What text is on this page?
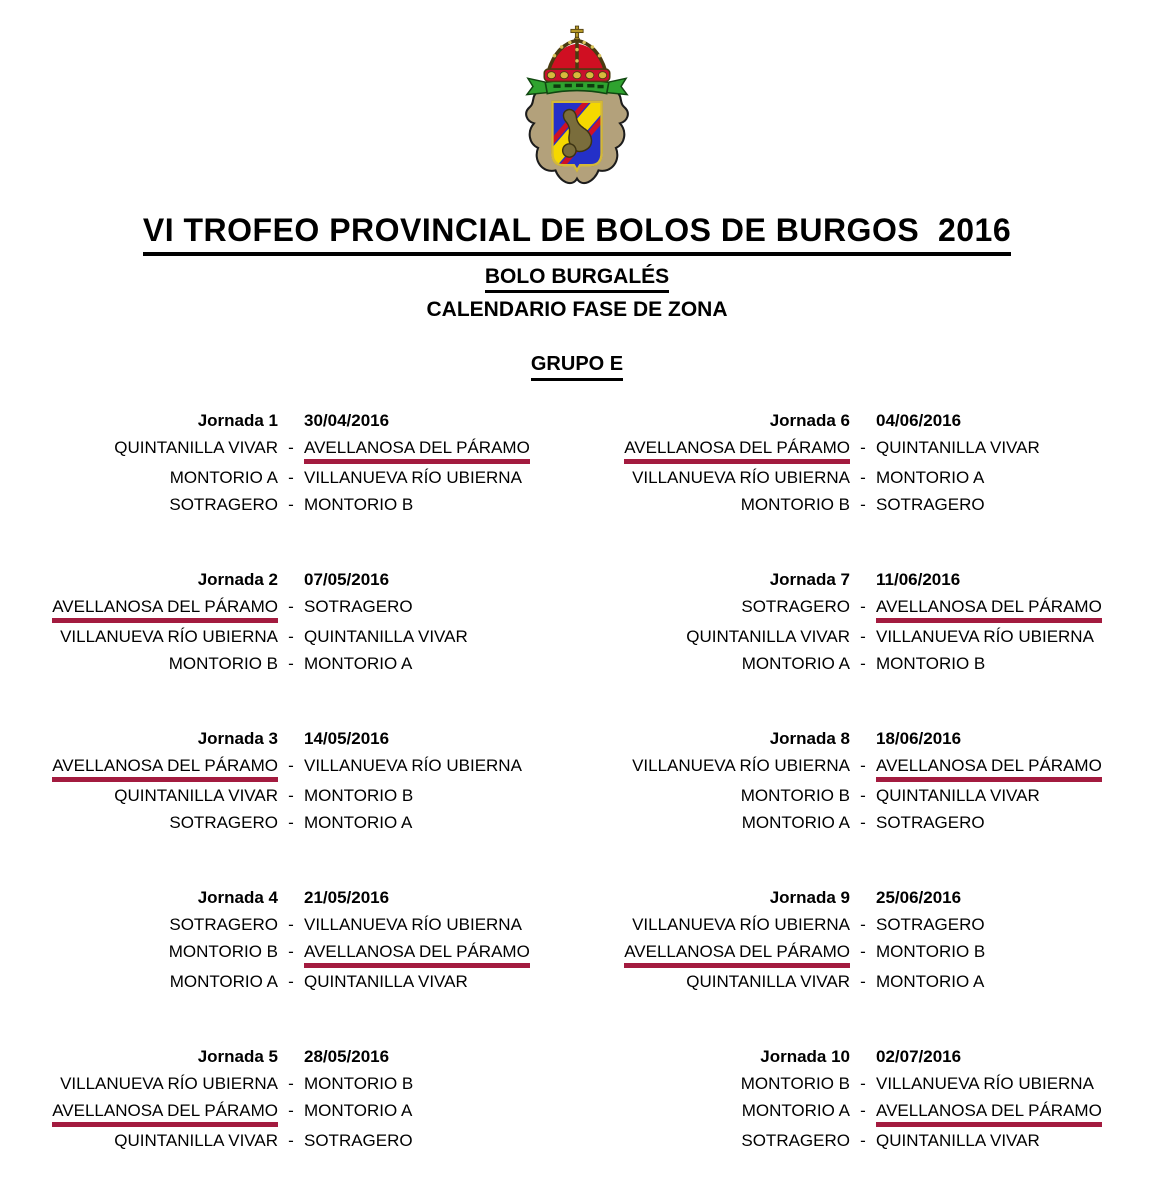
VI TROFEO PROVINCIAL DE BOLOS DE BURGOS  2016
BOLO BURGALÉS
CALENDARIO FASE DE ZONA
GRUPO E
Jornada 1 30/04/2016
QUINTANILLA VIVAR - AVELLANOSA DEL PÁRAMO
MONTORIO A - VILLANUEVA RÍO UBIERNA
SOTRAGERO - MONTORIO B
Jornada 6 04/06/2016
AVELLANOSA DEL PÁRAMO - QUINTANILLA VIVAR
VILLANUEVA RÍO UBIERNA - MONTORIO A
MONTORIO B - SOTRAGERO
Jornada 2 07/05/2016
AVELLANOSA DEL PÁRAMO - SOTRAGERO
VILLANUEVA RÍO UBIERNA - QUINTANILLA VIVAR
MONTORIO B - MONTORIO A
Jornada 7 11/06/2016
SOTRAGERO - AVELLANOSA DEL PÁRAMO
QUINTANILLA VIVAR - VILLANUEVA RÍO UBIERNA
MONTORIO A - MONTORIO B
Jornada 3 14/05/2016
AVELLANOSA DEL PÁRAMO - VILLANUEVA RÍO UBIERNA
QUINTANILLA VIVAR - MONTORIO B
SOTRAGERO - MONTORIO A
Jornada 8 18/06/2016
VILLANUEVA RÍO UBIERNA - AVELLANOSA DEL PÁRAMO
MONTORIO B - QUINTANILLA VIVAR
MONTORIO A - SOTRAGERO
Jornada 4 21/05/2016
SOTRAGERO - VILLANUEVA RÍO UBIERNA
MONTORIO B - AVELLANOSA DEL PÁRAMO
MONTORIO A - QUINTANILLA VIVAR
Jornada 9 25/06/2016
VILLANUEVA RÍO UBIERNA - SOTRAGERO
AVELLANOSA DEL PÁRAMO - MONTORIO B
QUINTANILLA VIVAR - MONTORIO A
Jornada 5 28/05/2016
VILLANUEVA RÍO UBIERNA - MONTORIO B
AVELLANOSA DEL PÁRAMO - MONTORIO A
QUINTANILLA VIVAR - SOTRAGERO
Jornada 10 02/07/2016
MONTORIO B - VILLANUEVA RÍO UBIERNA
MONTORIO A - AVELLANOSA DEL PÁRAMO
SOTRAGERO - QUINTANILLA VIVAR
